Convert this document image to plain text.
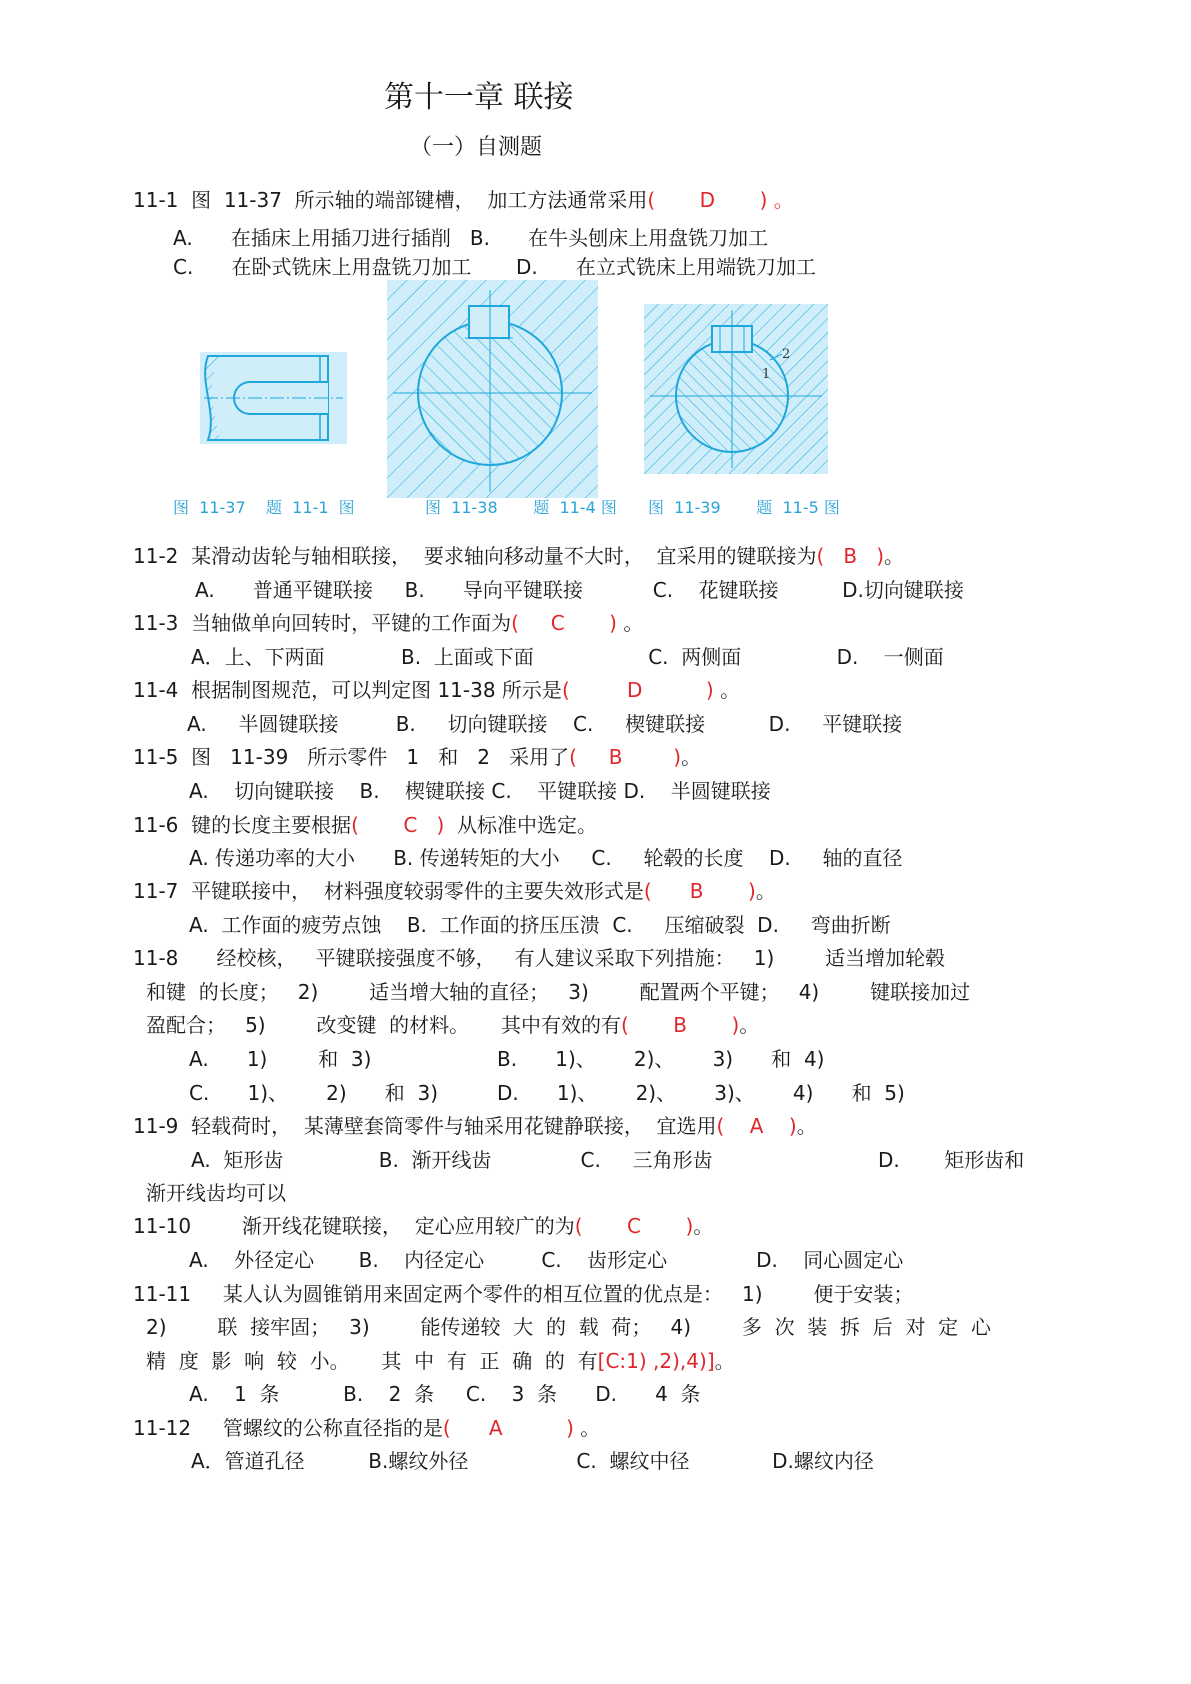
第十一章 联接
（一）自测题
11-1  图  11-37  所示轴的端部键槽，  加工方法通常采用(       D       ) 。
A.      在插床上用插刀进行插削   B.      在牛头刨床上用盘铣刀加工
C.      在卧式铣床上用盘铣刀加工       D.      在立式铣床上用端铣刀加工
1
2
图  11-37    题  11-1  图	图  11-38       题  11-4 图 图  11-39       题  11-5 图
11-2  某滑动齿轮与轴相联接，  要求轴向移动量不大时，  宜采用的键联接为(   B   )。
A.      普通平键联接     B.      导向平键联接           C.    花键联接          D.切向键联接
11-3  当轴做单向回转时，平键的工作面为(     C       ) 。
A．上、下两面            B.  上面或下面                  C.  两侧面               D.    一侧面
11-4  根据制图规范，可以判定图 11-38 所示是(         D          ) 。
A.     半圆键联接         B.     切向键联接    C.     楔键联接          D.     平键联接
11-5  图   11-39   所示零件   1   和   2   采用了(     B        )。
A.    切向键联接    B.    楔键联接 C.    平键联接 D.    半圆键联接
11-6  键的长度主要根据(       C   )  从标准中选定。
A. 传递功率的大小      B. 传递转矩的大小     C.     轮毂的长度    D.     轴的直径
11-7  平键联接中，  材料强度较弱零件的主要失效形式是(      B       )。
A.  工作面的疲劳点蚀    B.  工作面的挤压压溃  C.     压缩破裂  D.     弯曲折断
11-8      经校核，   平键联接强度不够，   有人建议采取下列措施：   1)        适当增加轮毂
和键  的长度；   2)        适当增大轴的直径；   3)        配置两个平键；   4)        键联接加过
盈配合；   5)        改变键  的材料。     其中有效的有(       B       )。
A.      1)        和  3)	B.      1)、      2)、      3)      和  4)
C.      1)、      2)      和  3)	D.      1)、      2)、      3)、      4)      和  5)
11-9  轻载荷时，  某薄壁套筒零件与轴采用花键静联接，  宜选用(    A    )。
A.  矩形齿               B.  渐开线齿              C.     三角形齿                          D.       矩形齿和
渐开线齿均可以
11-10        渐开线花键联接，  定心应用较广的为(       C       )。
A.    外径定心       B.    内径定心         C.    齿形定心              D.    同心圆定心
11-11     某人认为圆锥销用来固定两个零件的相互位置的优点是：   1)        便于安装；
2)        联  接牢固；   3)        能传递较  大  的  载  荷；   4)        多  次  装  拆  后  对  定  心
精  度  影  响  较  小。     其  中  有  正  确  的  有[C:1) ,2),4)]。
A.    1  条          B.    2  条     C.    3  条      D.      4  条
11-12     管螺纹的公称直径指的是(      A          ) 。
A．管道孔径          B.螺纹外径                 C.  螺纹中径             D.螺纹内径
